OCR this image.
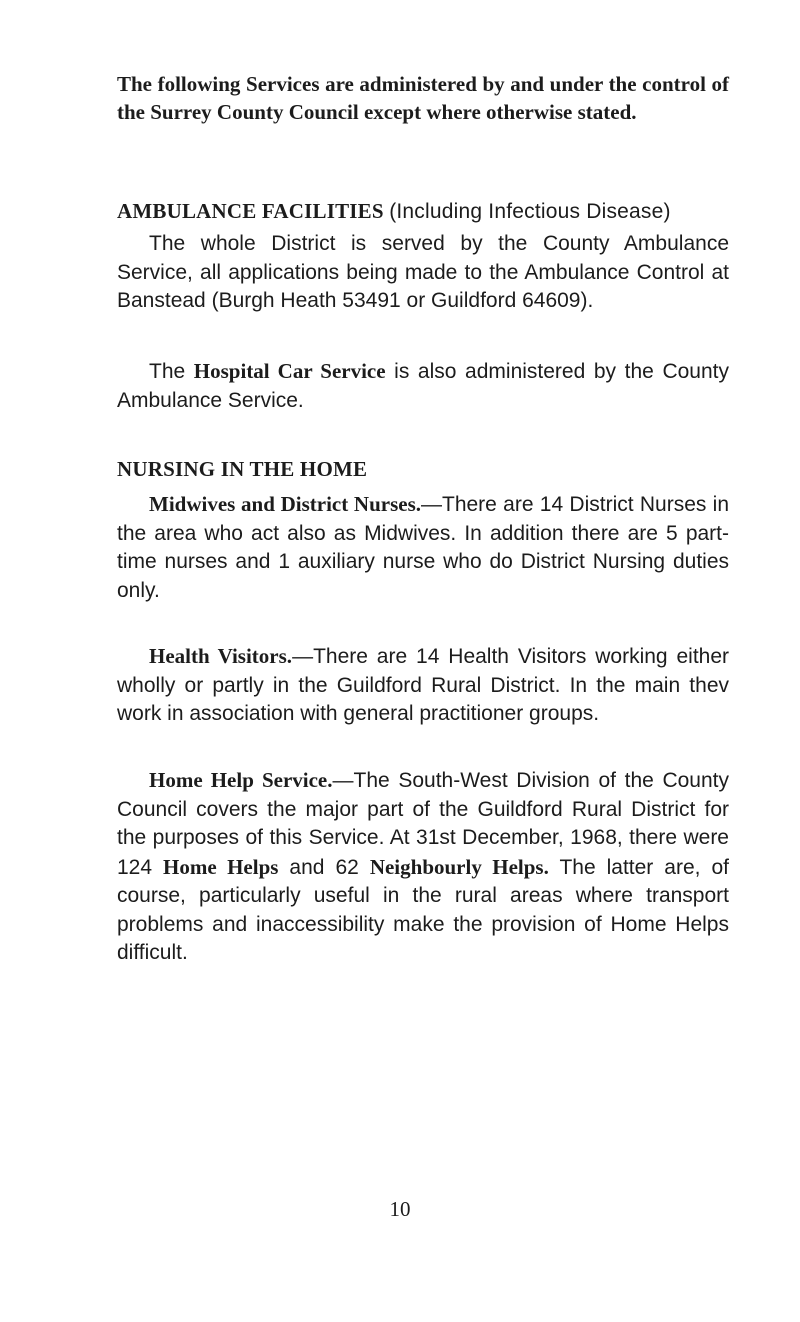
The following Services are administered by and under the control of the Surrey County Council except where otherwise stated.
AMBULANCE FACILITIES (Including Infectious Disease)
The whole District is served by the County Ambulance Service, all applications being made to the Ambulance Control at Banstead (Burgh Heath 53491 or Guildford 64609).
The Hospital Car Service is also administered by the County Ambulance Service.
NURSING IN THE HOME
Midwives and District Nurses.—There are 14 District Nurses in the area who act also as Midwives. In addition there are 5 part-time nurses and 1 auxiliary nurse who do District Nursing duties only.
Health Visitors.—There are 14 Health Visitors working either wholly or partly in the Guildford Rural District. In the main thev work in association with general practitioner groups.
Home Help Service.—The South-West Division of the County Council covers the major part of the Guildford Rural District for the purposes of this Service. At 31st December, 1968, there were 124 Home Helps and 62 Neighbourly Helps. The latter are, of course, particularly useful in the rural areas where transport problems and inaccessibility make the provision of Home Helps difficult.
10
